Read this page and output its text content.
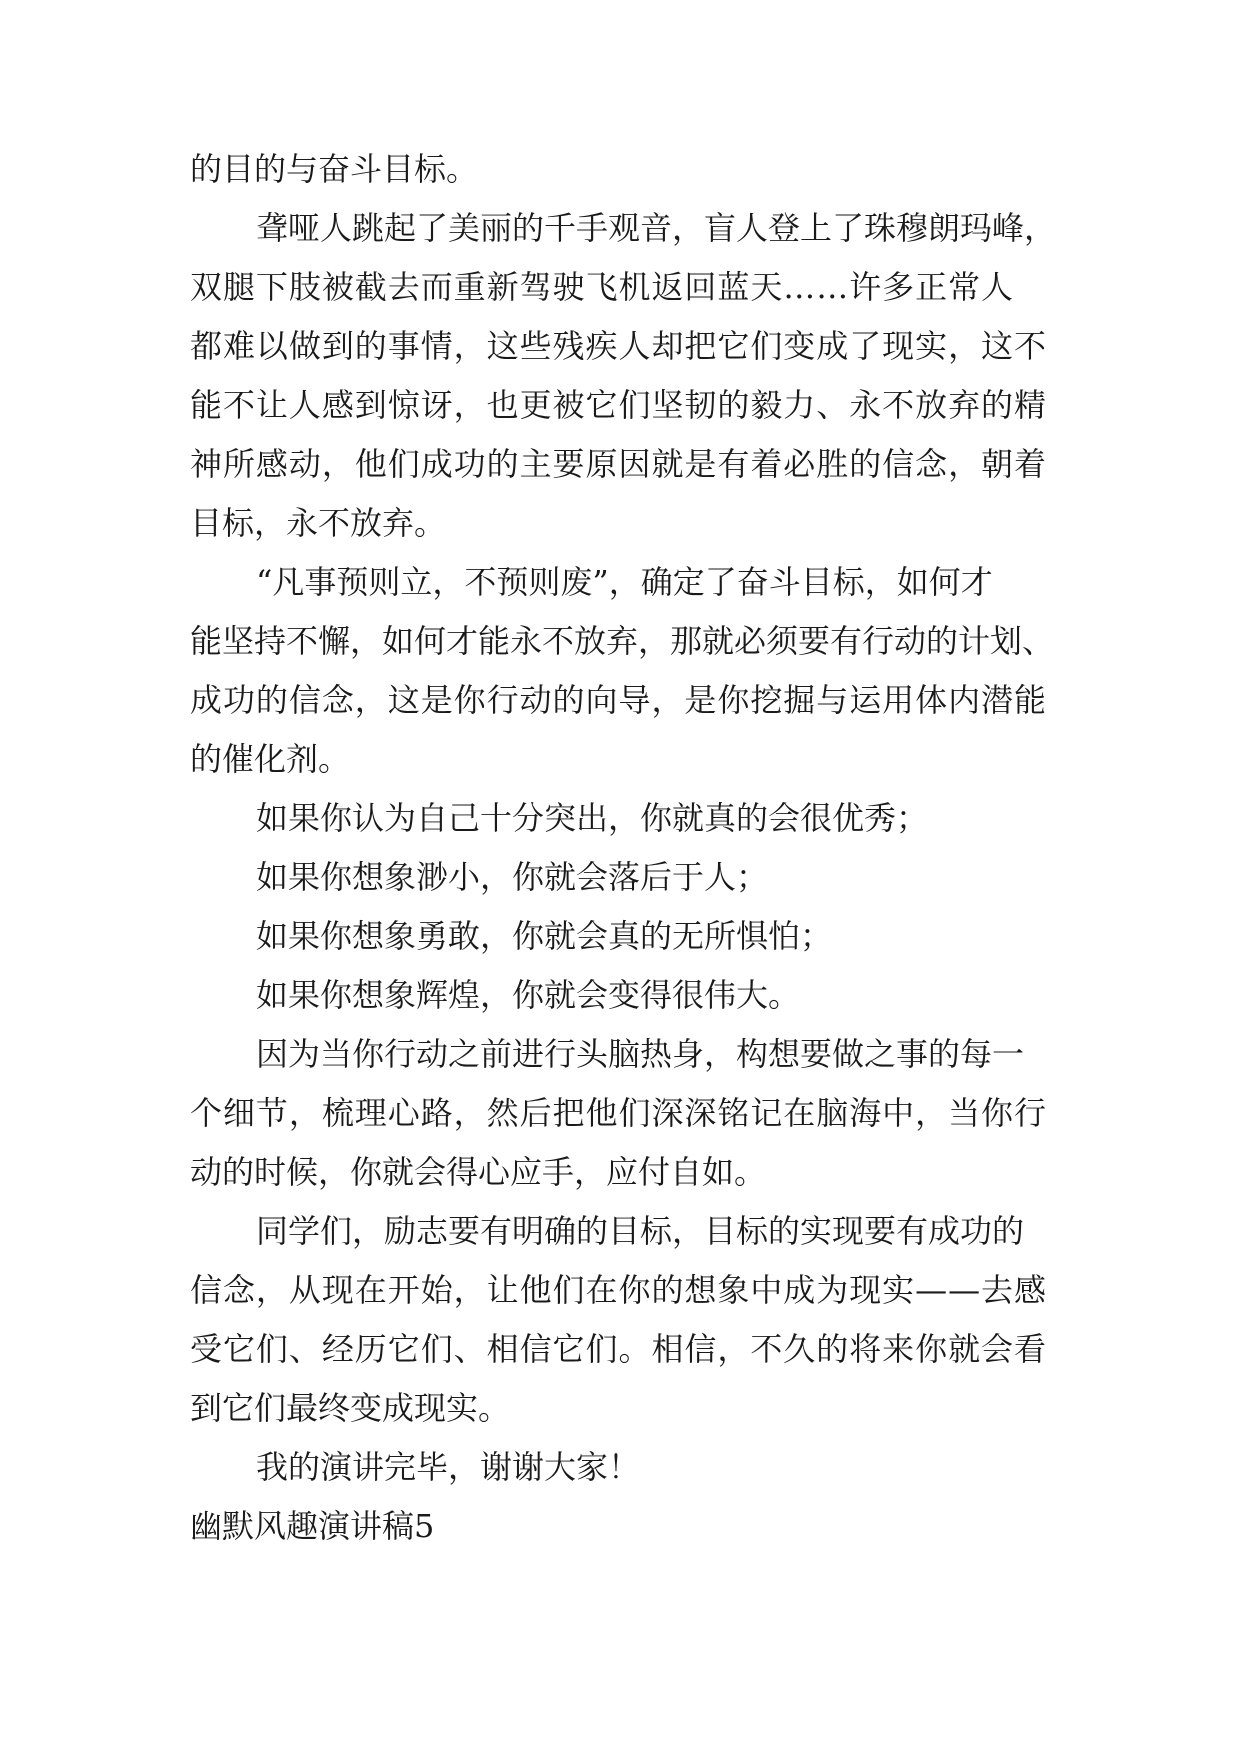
的目的与奋斗目标。
聋哑人跳起了美丽的千手观音，盲人登上了珠穆朗玛峰，
双腿下肢被截去而重新驾驶飞机返回蓝天……许多正常人
都难以做到的事情，这些残疾人却把它们变成了现实，这不
能不让人感到惊讶，也更被它们坚韧的毅力、永不放弃的精
神所感动，他们成功的主要原因就是有着必胜的信念，朝着
目标，永不放弃。
“凡事预则立，不预则废”，确定了奋斗目标，如何才
能坚持不懈，如何才能永不放弃，那就必须要有行动的计划、
成功的信念，这是你行动的向导，是你挖掘与运用体内潜能
的催化剂。
如果你认为自己十分突出，你就真的会很优秀；
如果你想象渺小，你就会落后于人；
如果你想象勇敢，你就会真的无所惧怕；
如果你想象辉煌，你就会变得很伟大。
因为当你行动之前进行头脑热身，构想要做之事的每一
个细节，梳理心路，然后把他们深深铭记在脑海中，当你行
动的时候，你就会得心应手，应付自如。
同学们，励志要有明确的目标，目标的实现要有成功的
信念，从现在开始，让他们在你的想象中成为现实——去感
受它们、经历它们、相信它们。相信，不久的将来你就会看
到它们最终变成现实。
我的演讲完毕，谢谢大家！
幽默风趣演讲稿5
